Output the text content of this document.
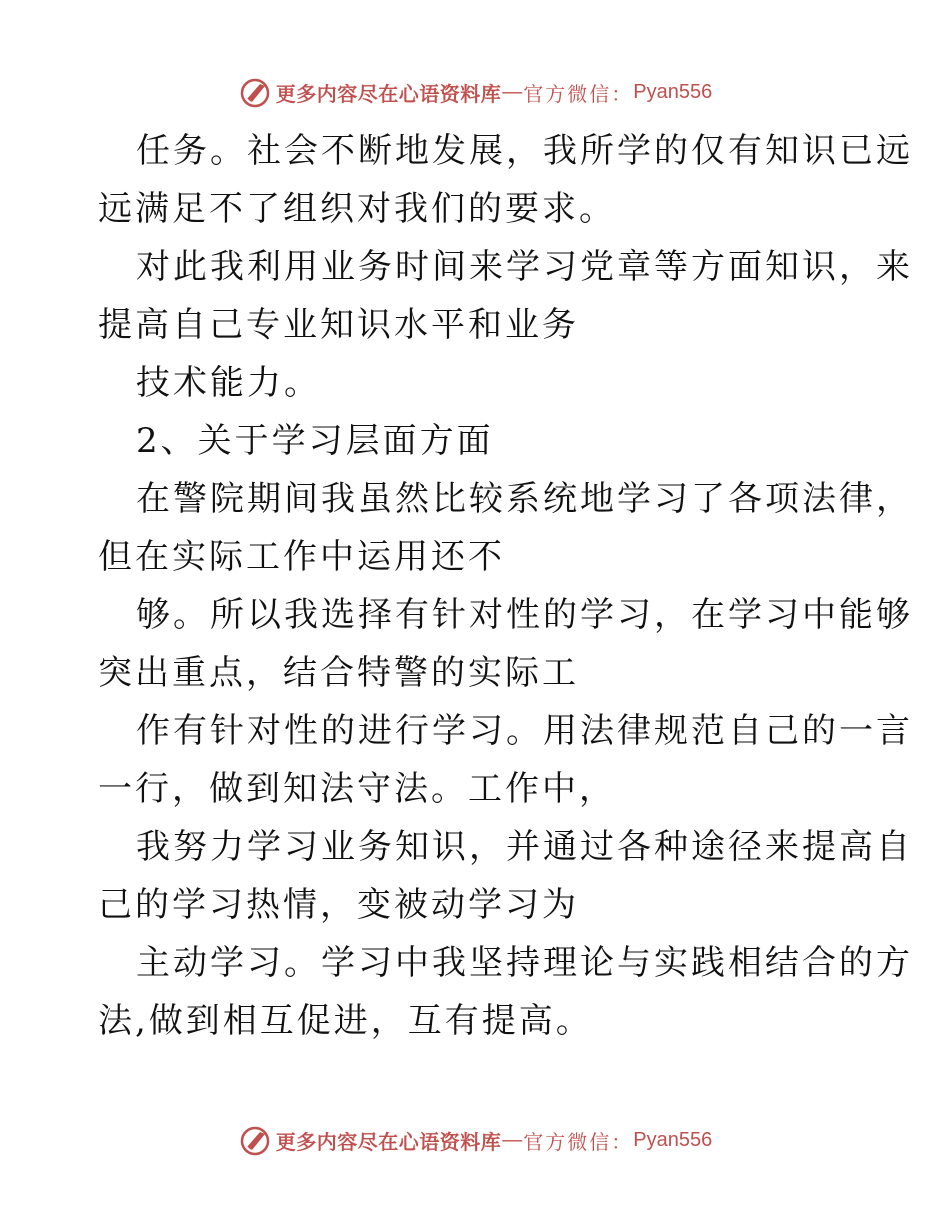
更多内容尽在心语资料库 — 官方微信： Pyan556
任务。社会不断地发展，我所学的仅有知识已远
远满足不了组织对我们的要求。
对此我利用业务时间来学习党章等方面知识，来
提高自己专业知识水平和业务
技术能力。
2、关于学习层面方面
在警院期间我虽然比较系统地学习了各项法律，
但在实际工作中运用还不
够。所以我选择有针对性的学习，在学习中能够
突出重点，结合特警的实际工
作有针对性的进行学习。用法律规范自己的一言
一行，做到知法守法。工作中，
我努力学习业务知识，并通过各种途径来提高自
己的学习热情，变被动学习为
主动学习。学习中我坚持理论与实践相结合的方
法,做到相互促进，互有提高。
更多内容尽在心语资料库 — 官方微信： Pyan556
